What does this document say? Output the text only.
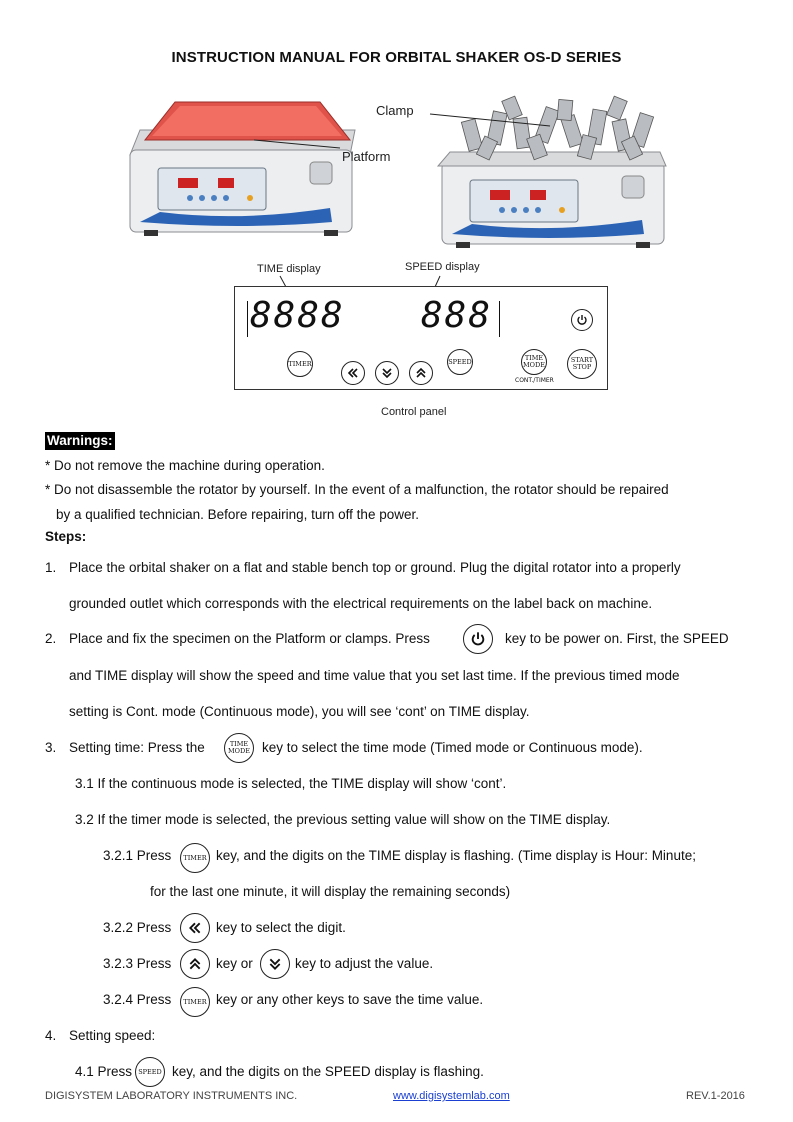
INSTRUCTION MANUAL FOR ORBITAL SHAKER OS-D SERIES
Clamp
Platform
TIME display	SPEED display
8888 888
TIMER	SPEED	TIME MODE
CONT./TIMER
START STOP
Control panel
Warnings:
* Do not remove the machine during operation.
* Do not disassemble the rotator by yourself. In the event of a malfunction, the rotator should be repaired
by a qualified technician. Before repairing, turn off the power.
Steps:
1. Place the orbital shaker on a flat and stable bench top or ground. Plug the digital rotator into a properly
grounded outlet which corresponds with the electrical requirements on the label back on machine.
2. Place and fix the specimen on the Platform or clamps. Press	key to be power on. First, the SPEED
and TIME display will show the speed and time value that you set last time. If the previous timed mode
setting is Cont. mode (Continuous mode), you will see ‘cont’ on TIME display.
3. Setting time: Press the	TIME MODE key to select the time mode (Timed mode or Continuous mode).
3.1 If the continuous mode is selected, the TIME display will show ‘cont’.
3.2 If the timer mode is selected, the previous setting value will show on the TIME display.
3.2.1 Press	TIMER key, and the digits on the TIME display is flashing. (Time display is Hour: Minute;
for the last one minute, it will display the remaining seconds)
3.2.2 Press	key to select the digit.
3.2.3 Press	key or	key to adjust the value.
3.2.4 Press	TIMER key or any other keys to save the time value.
4. Setting speed:
4.1 Press SPEED key, and the digits on the SPEED display is flashing.
DIGISYSTEM LABORATORY INSTRUMENTS INC.	www.digisystemlab.com	REV.1-2016
